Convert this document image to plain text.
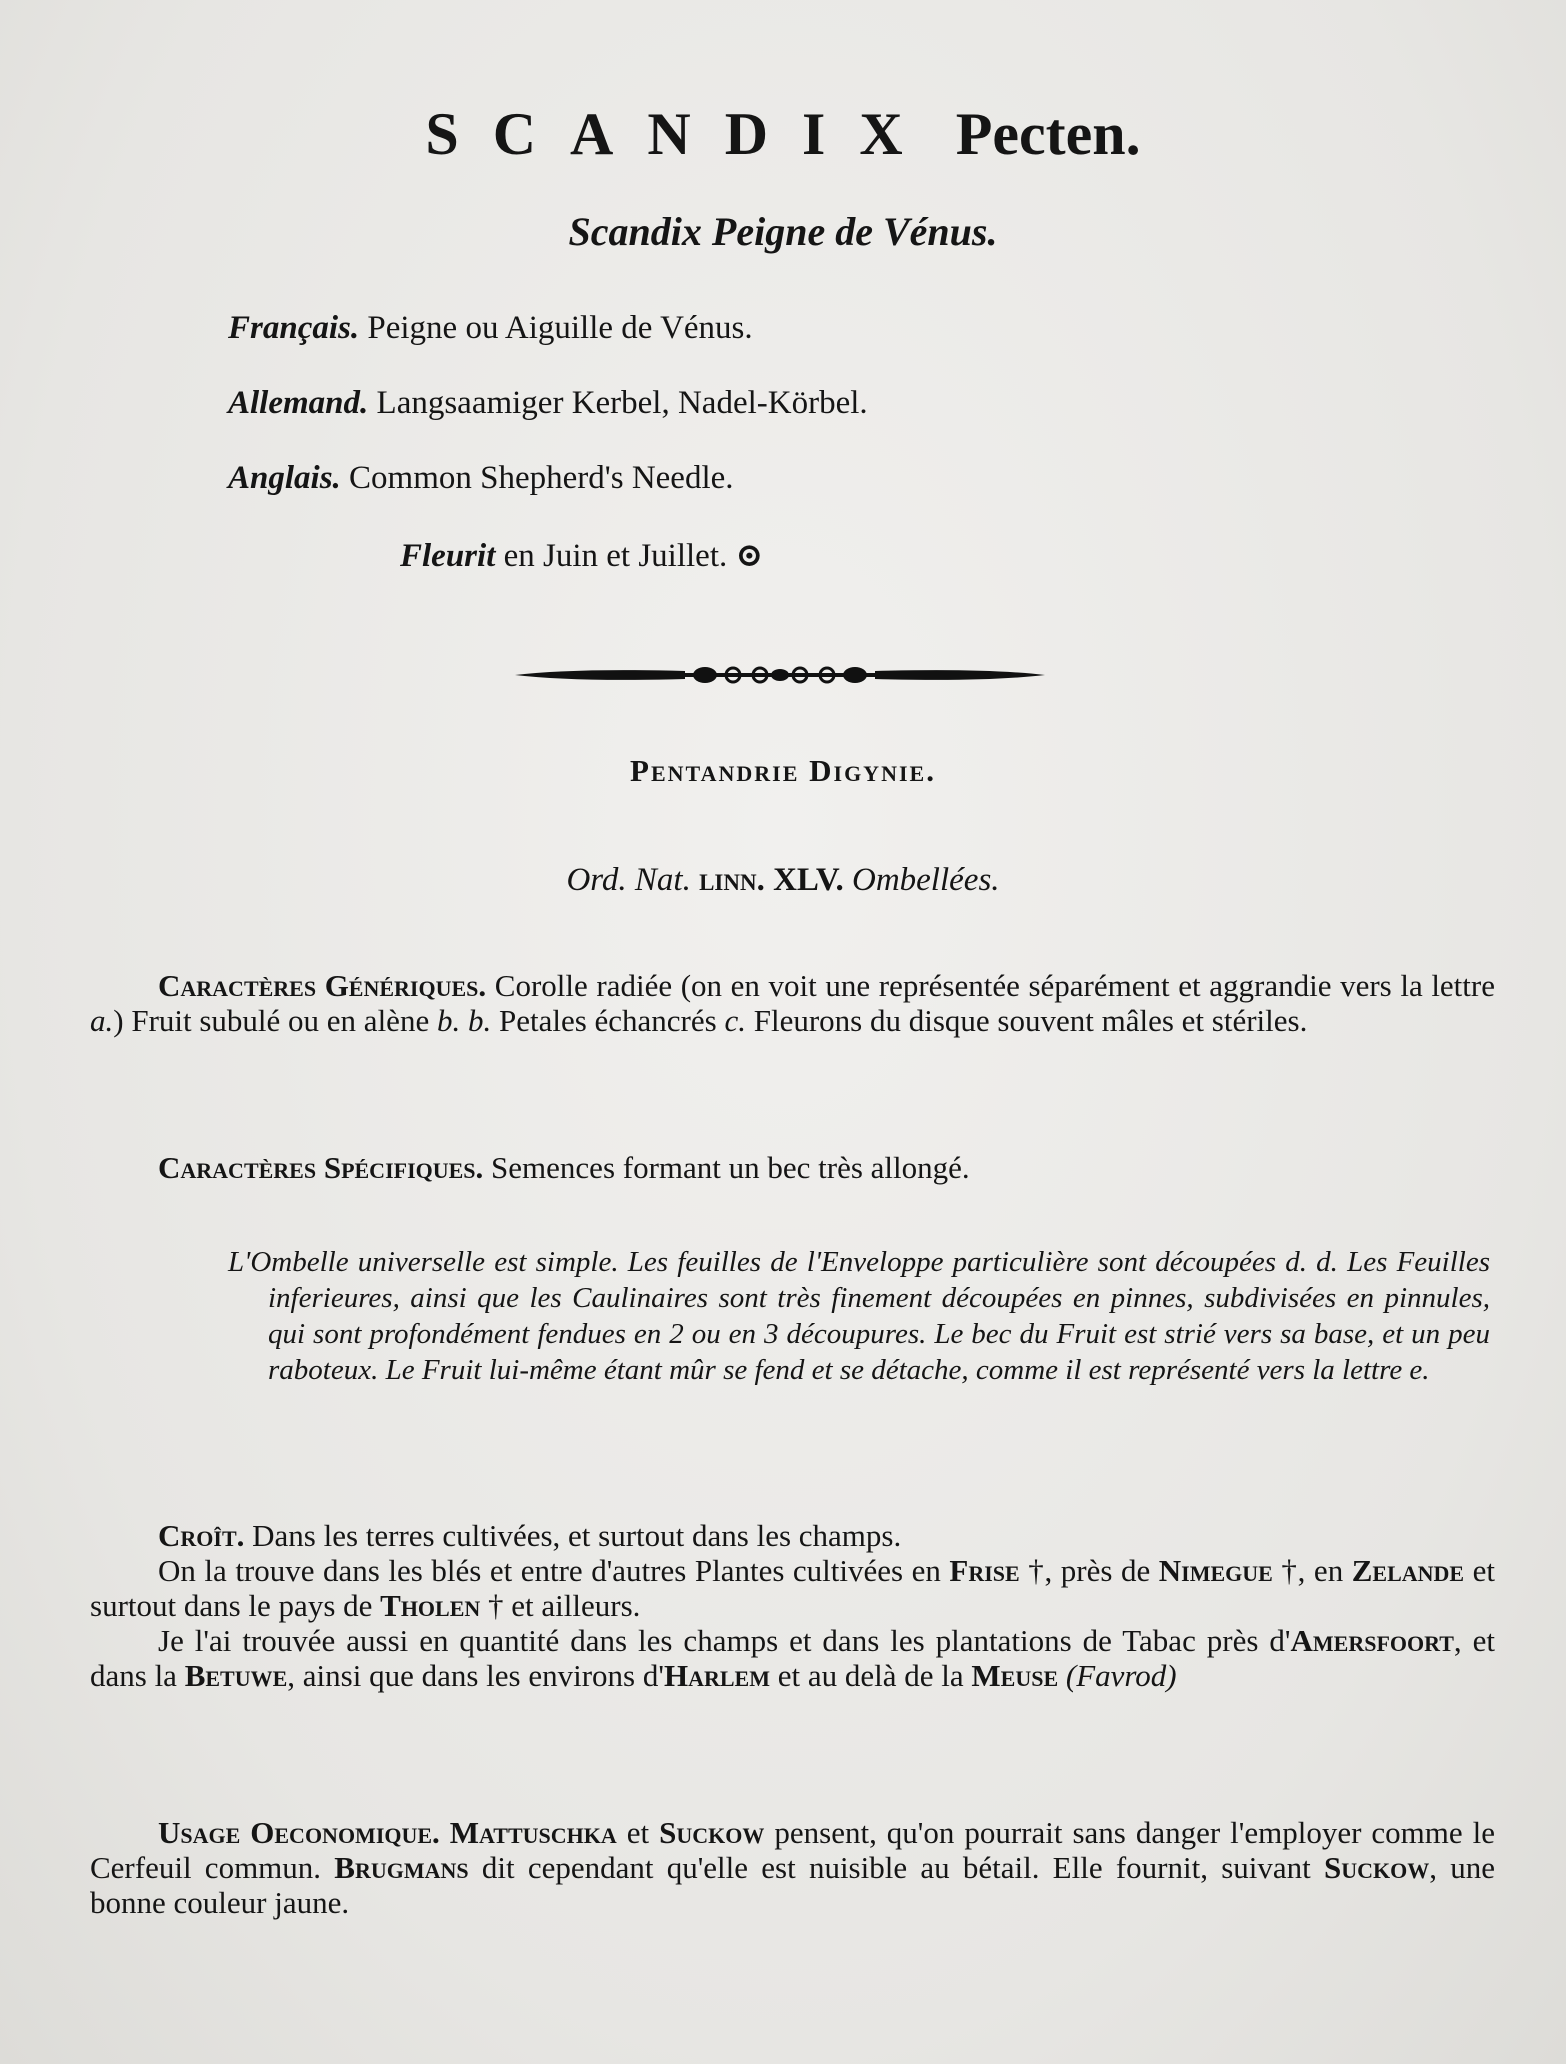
SCANDIX Pecten.
Scandix Peigne de Vénus.
Français. Peigne ou Aiguille de Vénus.
Allemand. Langsaamiger Kerbel, Nadel-Körbel.
Anglais. Common Shepherd's Needle.
Fleurit en Juin et Juillet. ⊙
Pentandrie Digynie.
Ord. Nat. linn. XLV. Ombellées.
Caractères Génériques. Corolle radiée (on en voit une représentée séparément et aggrandie vers la lettre a.) Fruit subulé ou en alène b. b. Petales échancrés c. Fleurons du disque souvent mâles et stériles.
Caractères Spécifiques. Semences formant un bec très allongé.
L'Ombelle universelle est simple. Les feuilles de l'Enveloppe particulière sont découpées d. d. Les Feuilles inferieures, ainsi que les Caulinaires sont très finement découpées en pinnes, subdivisées en pinnules, qui sont profondément fendues en 2 ou en 3 découpures. Le bec du Fruit est strié vers sa base, et un peu raboteux. Le Fruit lui-même étant mûr se fend et se détache, comme il est représenté vers la lettre e.
Croît. Dans les terres cultivées, et surtout dans les champs.
On la trouve dans les blés et entre d'autres Plantes cultivées en Frise †, près de Nimegue †, en Zelande et surtout dans le pays de Tholen † et ailleurs.
Je l'ai trouvée aussi en quantité dans les champs et dans les plantations de Tabac près d'Amersfoort, et dans la Betuwe, ainsi que dans les environs d'Harlem et au delà de la Meuse (Favrod)
Usage Oeconomique. Mattuschka et Suckow pensent, qu'on pourrait sans danger l'employer comme le Cerfeuil commun. Brugmans dit cependant qu'elle est nuisible au bétail. Elle fournit, suivant Suckow, une bonne couleur jaune.
